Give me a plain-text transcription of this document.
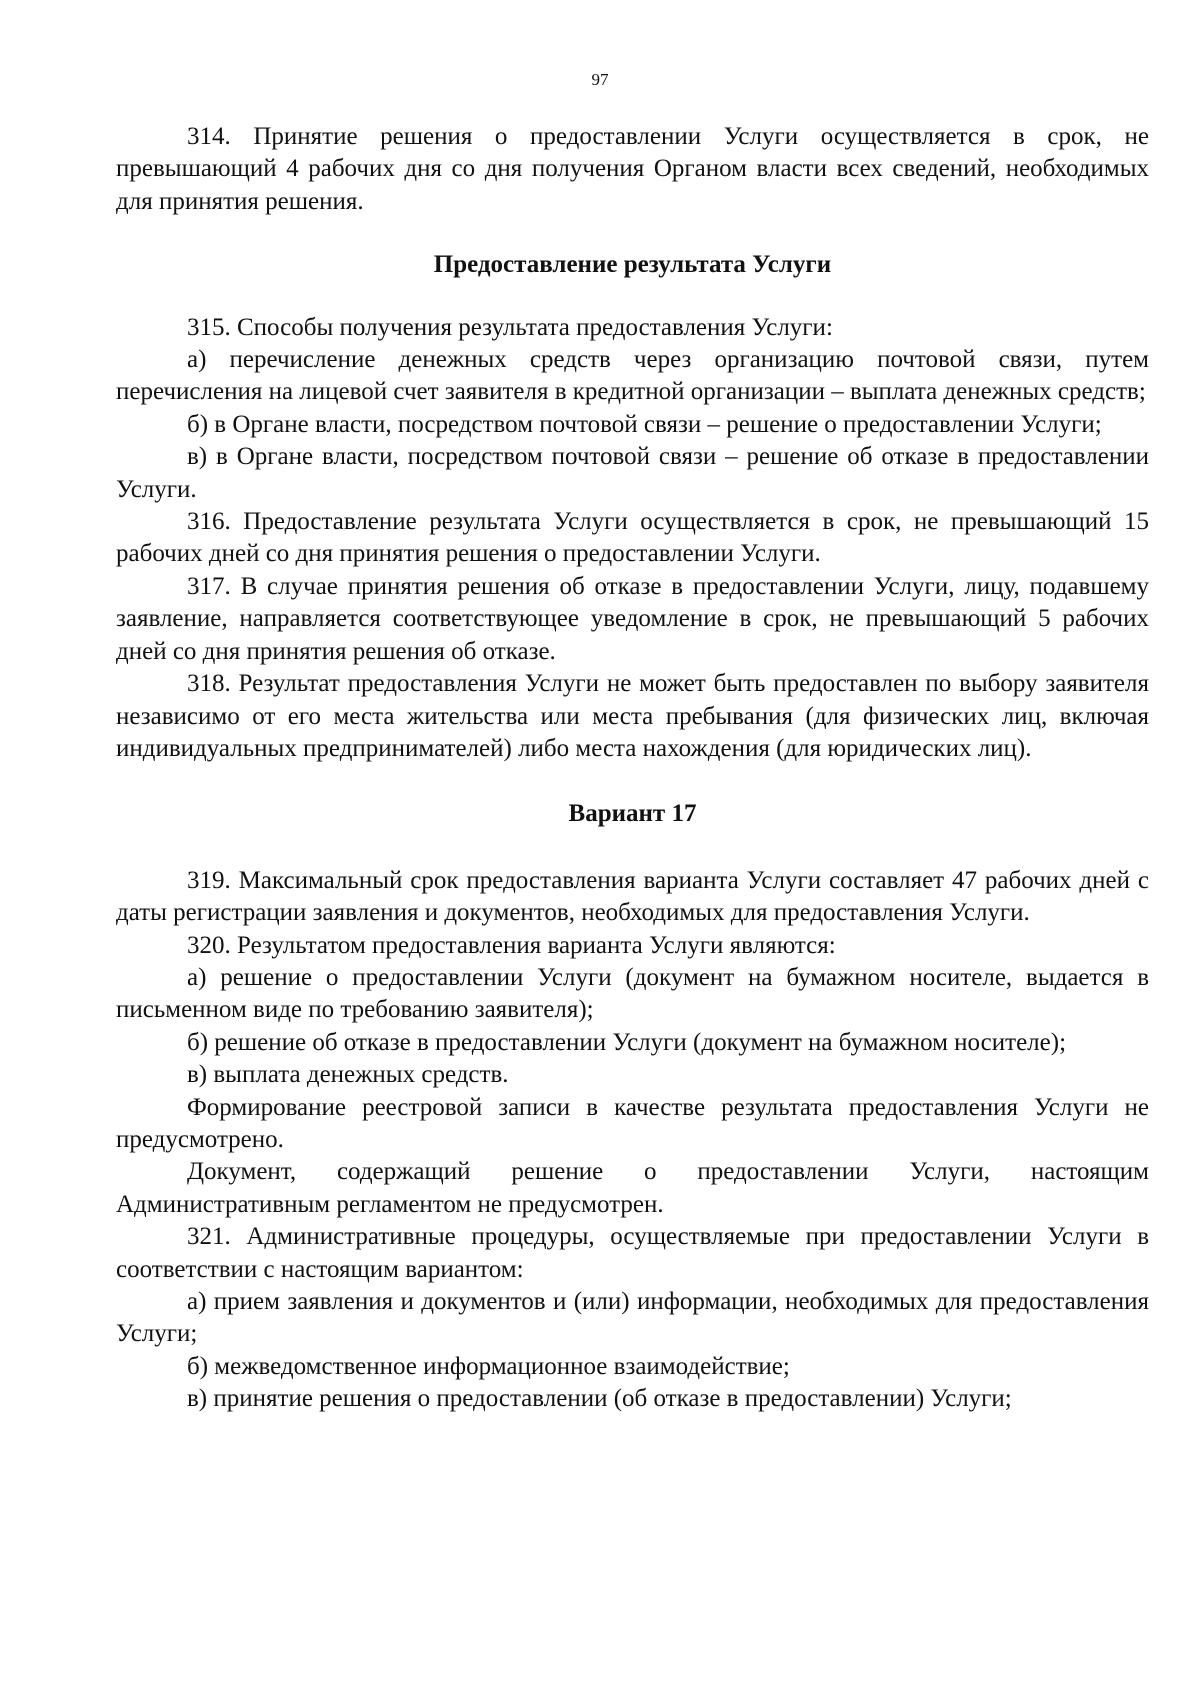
97

314. Принятие решения о предоставлении Услуги осуществляется в срок, не превышающий 4 рабочих дня со дня получения Органом власти всех сведений, необходимых для принятия решения.

Предоставление результата Услуги

315. Способы получения результата предоставления Услуги:

а) перечисление денежных средств через организацию почтовой связи, путем перечисления на лицевой счет заявителя в кредитной организации – выплата денежных средств;

б) в Органе власти, посредством почтовой связи – решение о предоставлении Услуги;

в) в Органе власти, посредством почтовой связи – решение об отказе в предоставлении Услуги.

316. Предоставление результата Услуги осуществляется в срок, не превышающий 15 рабочих дней со дня принятия решения о предоставлении Услуги.

317. В случае принятия решения об отказе в предоставлении Услуги, лицу, подавшему заявление, направляется соответствующее уведомление в срок, не превышающий 5 рабочих дней со дня принятия решения об отказе.

318. Результат предоставления Услуги не может быть предоставлен по выбору заявителя независимо от его места жительства или места пребывания (для физических лиц, включая индивидуальных предпринимателей) либо места нахождения (для юридических лиц).

Вариант 17

319. Максимальный срок предоставления варианта Услуги составляет 47 рабочих дней с даты регистрации заявления и документов, необходимых для предоставления Услуги.

320. Результатом предоставления варианта Услуги являются:

а) решение о предоставлении Услуги (документ на бумажном носителе, выдается в письменном виде по требованию заявителя);

б) решение об отказе в предоставлении Услуги (документ на бумажном носителе);

в) выплата денежных средств.

Формирование реестровой записи в качестве результата предоставления Услуги не предусмотрено.

Документ, содержащий решение о предоставлении Услуги, настоящим Административным регламентом не предусмотрен.

321. Административные процедуры, осуществляемые при предоставлении Услуги в соответствии с настоящим вариантом:

а) прием заявления и документов и (или) информации, необходимых для предоставления Услуги;

б) межведомственное информационное взаимодействие;

в) принятие решения о предоставлении (об отказе в предоставлении) Услуги;
